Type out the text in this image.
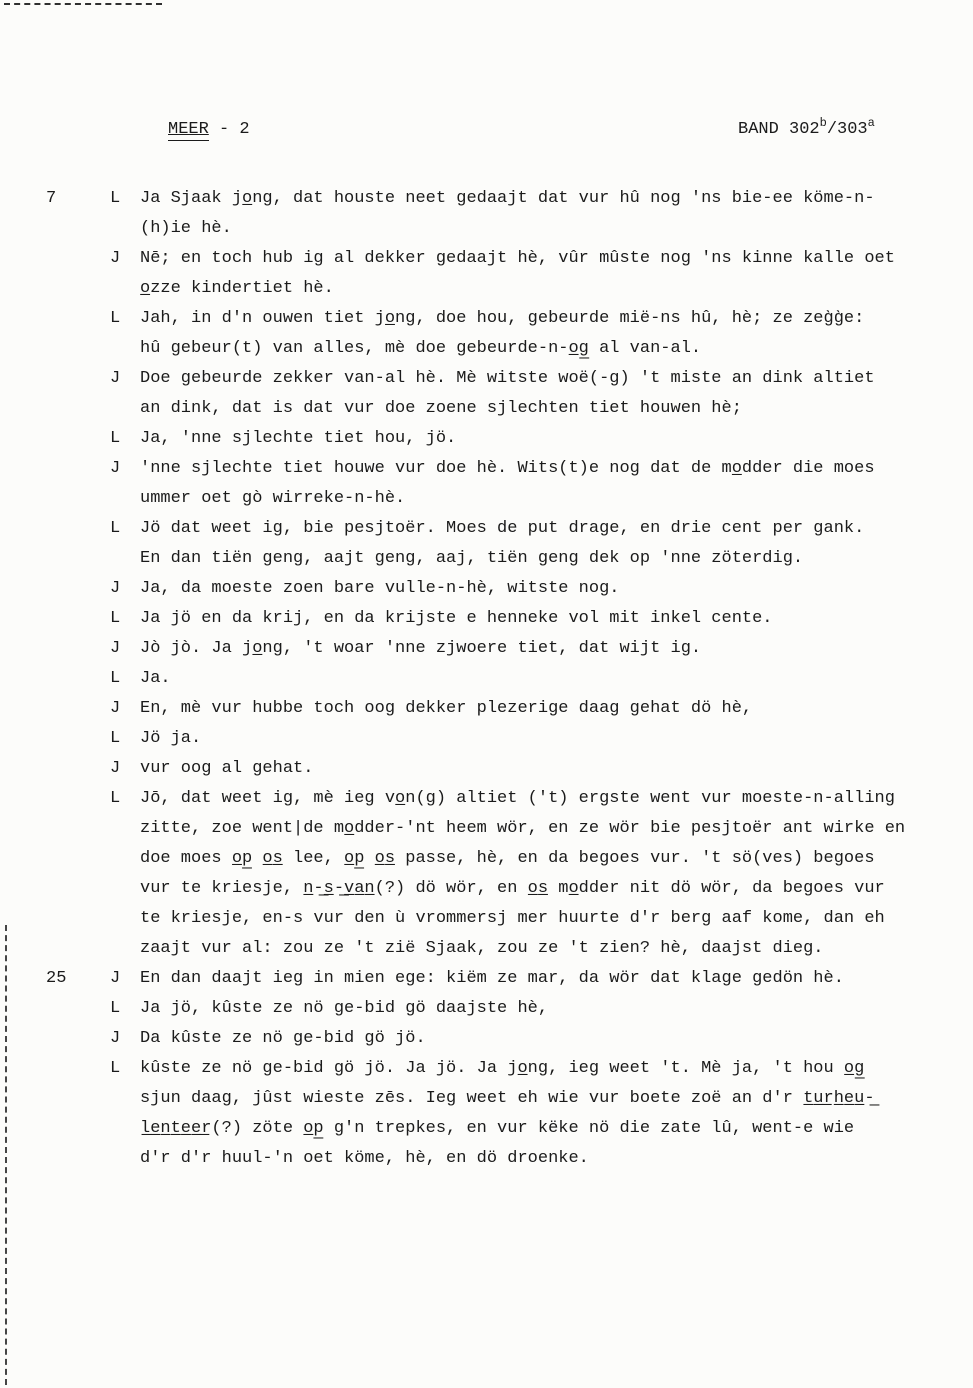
MEER - 2	BAND 302$^b$/303$^a$
7	L	Ja Sjaak jo̲ng, dat houste neet gedaajt dat vur hû nog 'ns bie-ee köme-n-
(h)ie hè.
J	Nē; en toch hub ig al dekker gedaajt hè, vûr mûste nog 'ns kinne kalle oet
o̲zze kindertiet hè.
L	Jah, in d'n ouwen tiet jo̲ng, doe hou, gebeurde mië-ns hû, hè; ze zeg̀g̀e:
hû gebeur(t) van alles, mè doe gebeurde-n-o̲g̲ al van-al.
J	Doe gebeurde zekker van-al hè. Mè witste woë(-g) 't miste an dink altiet
an dink, dat is dat vur doe zoene sjlechten tiet houwen hè;
L	Ja, 'nne sjlechte tiet hou, jö.
J	'nne sjlechte tiet houwe vur doe hè. Wits(t)e nog dat de mo̲dder die moes
ummer oet gò wirreke-n-hè.
L	Jö dat weet ig, bie pesjtoër. Moes de put drage, en drie cent per gank.
En dan tiën geng, aajt geng, aaj, tiën geng dek op 'nne zöterdig.
J	Ja, da moeste zoen bare vulle-n-hè, witste nog.
L	Ja jö en da krij, en da krijste e henneke vol mit inkel cente.
J	Jò jò. Ja jo̲ng, 't woar 'nne zjwoere tiet, dat wijt ig.
L	Ja.
J	En, mè vur hubbe toch oog dekker plezerige daag gehat dö hè,
L	Jö ja.
J	vur oog al gehat.
L	Jō, dat weet ig, mè ieg vo̲n(g) altiet ('t) ergste went vur moeste-n-alling
zitte, zoe went|de mo̲dder-'nt heem wör, en ze wör bie pesjtoër ant wirke en
doe moes o̲p̲ o̲s̲ lee, o̲p̲ o̲s̲ passe, hè, en da begoes vur. 't sö(ves) begoes
vur te kriesje, n̲-̲s̲-̲v̲a̲n̲(?) dö wör, en o̲s̲ mo̲dder nit dö wör, da begoes vur
te kriesje, en-s vur den ù vrommersj mer huurte d'r berg aaf kome, dan eh
zaajt vur al: zou ze 't zië Sjaak, zou ze 't zien? hè, daajst dieg.
25	J	En dan daajt ieg in mien ege: kiëm ze mar, da wör dat klage gedön hè.
L	Ja jö, kûste ze nö ge-bid gö daajste hè,
J	Da kûste ze nö ge-bid gö jö.
L	kûste ze nö ge-bid gö jö. Ja jö. Ja jo̲ng, ieg weet 't. Mè ja, 't hou o̲g̲
sjun daag, jûst wieste zēs. Ieg weet eh wie vur boete zoë an d'r t̲u̲r̲h̲e̲u̲-̲
l̲e̲n̲t̲e̲e̲r̲(?) zöte o̲p̲ g'n trepkes, en vur këke nö die zate lû, went-e wie
d'r d'r huul-'n oet köme, hè, en dö droenke.
